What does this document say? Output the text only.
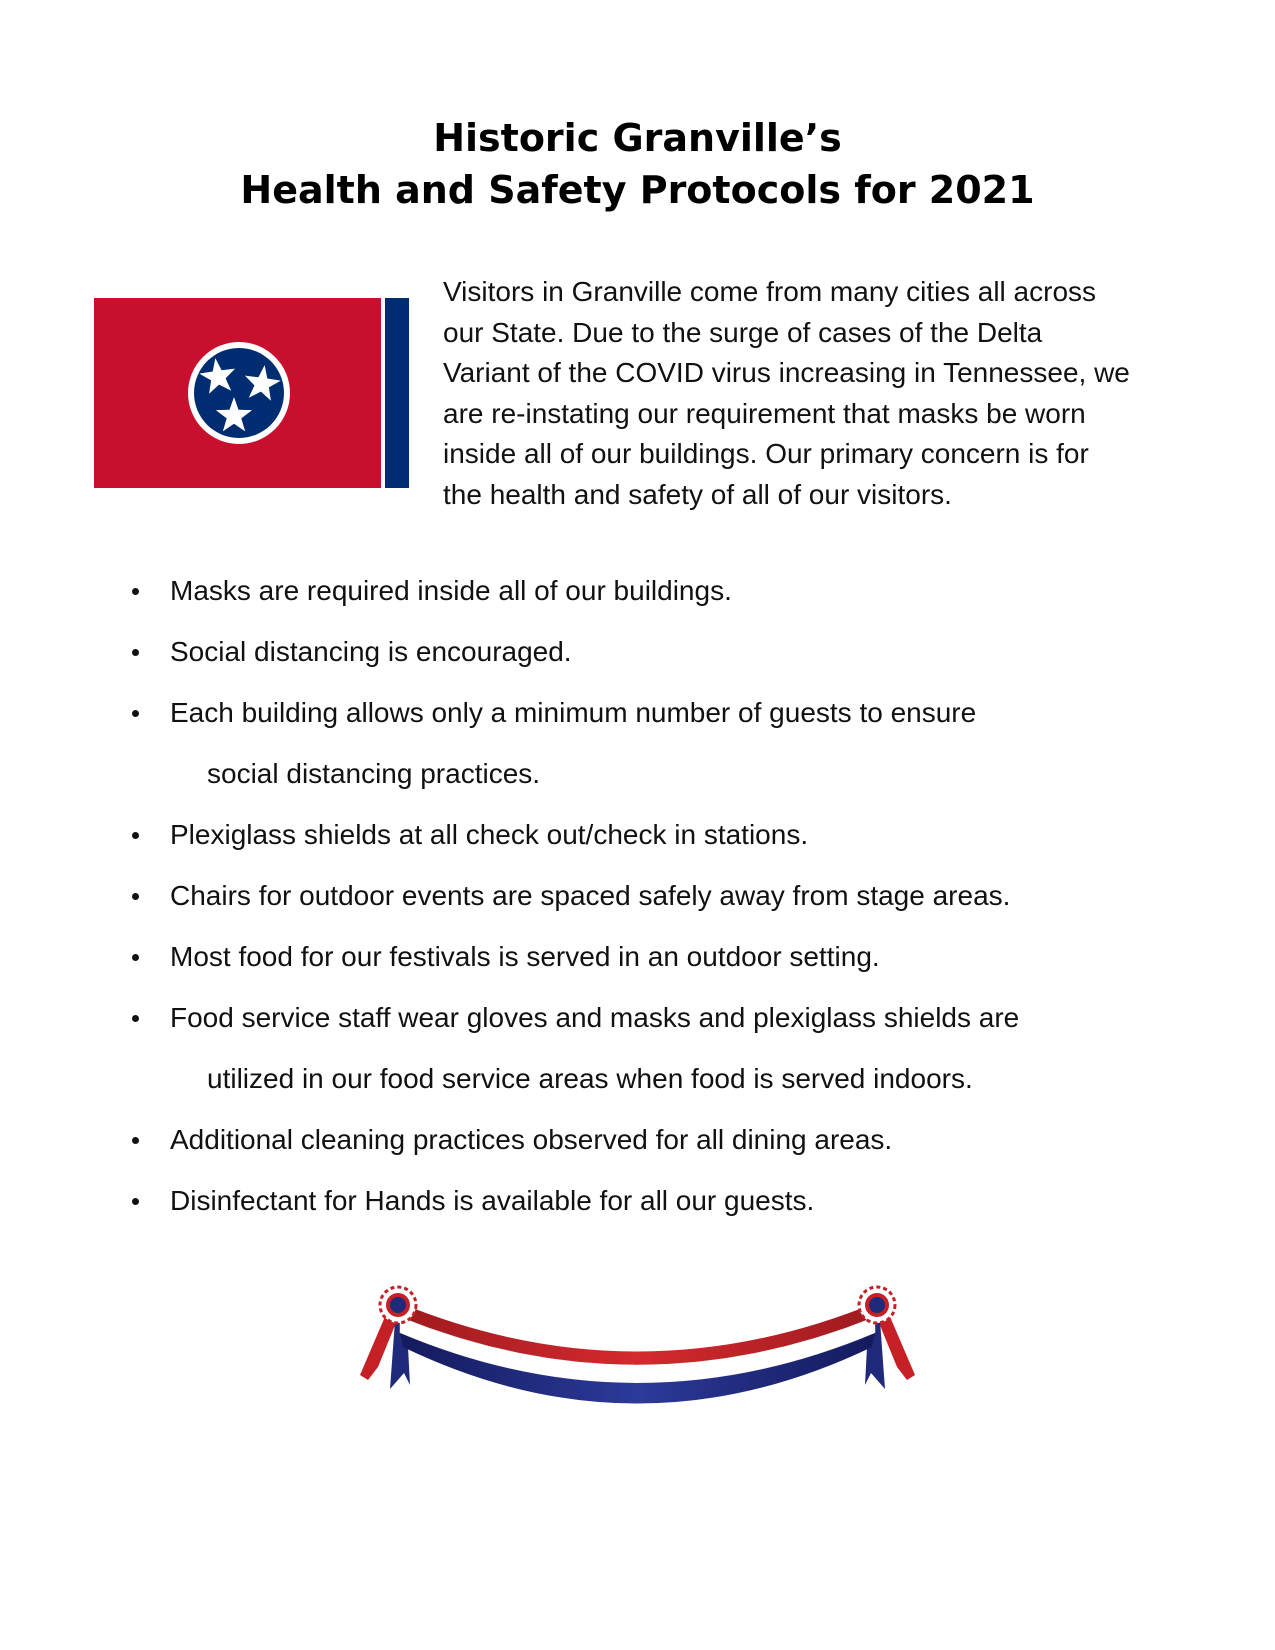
Historic Granville’s
Health and Safety Protocols for 2021
Visitors in Granville come from many cities all across
our State. Due to the surge of cases of the Delta
Variant of the COVID virus increasing in Tennessee, we
are re-instating our requirement that masks be worn
inside all of our buildings. Our primary concern is for
the health and safety of all of our visitors.
Masks are required inside all of our buildings.
Social distancing is encouraged.
Each building allows only a minimum number of guests to ensure
social distancing practices.
Plexiglass shields at all check out/check in stations.
Chairs for outdoor events are spaced safely away from stage areas.
Most food for our festivals is served in an outdoor setting.
Food service staff wear gloves and masks and plexiglass shields are
utilized in our food service areas when food is served indoors.
Additional cleaning practices observed for all dining areas.
Disinfectant for Hands is available for all our guests.
